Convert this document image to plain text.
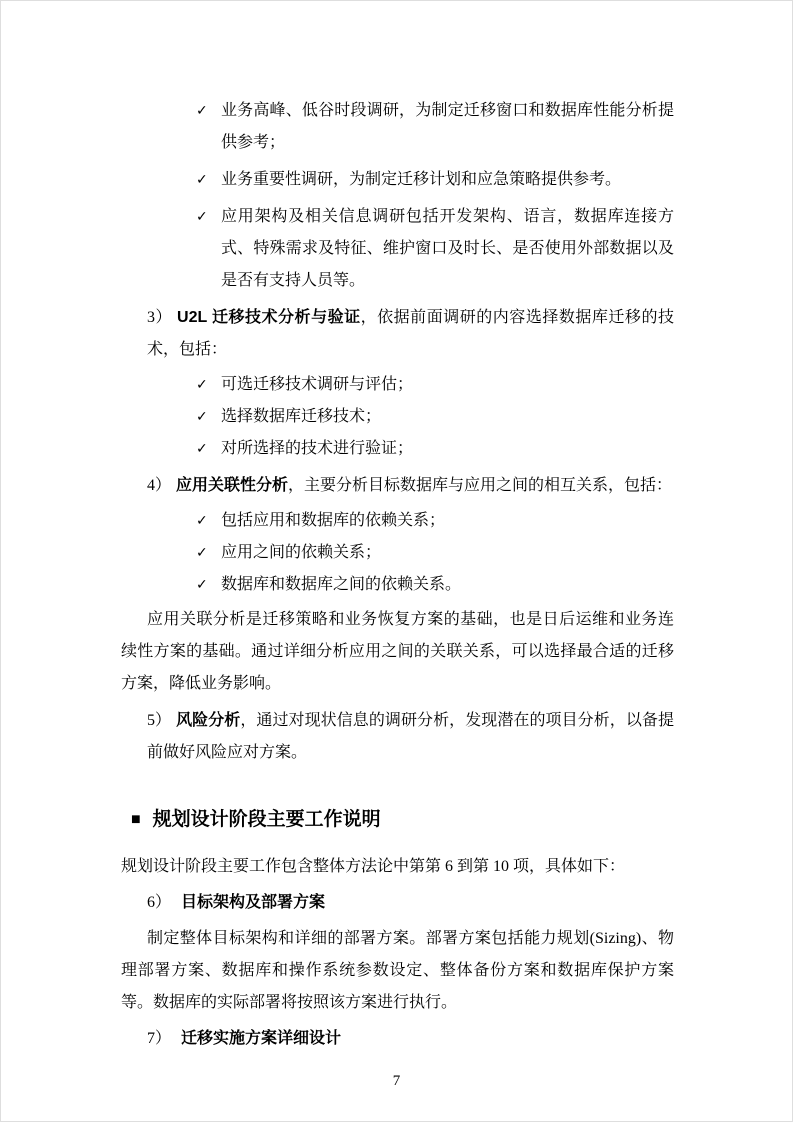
✓ 业务高峰、低谷时段调研，为制定迁移窗口和数据库性能分析提供参考；
✓ 业务重要性调研，为制定迁移计划和应急策略提供参考。
✓ 应用架构及相关信息调研包括开发架构、语言，数据库连接方式、特殊需求及特征、维护窗口及时长、是否使用外部数据以及是否有支持人员等。
3） U2L 迁移技术分析与验证，依据前面调研的内容选择数据库迁移的技术，包括：
✓ 可选迁移技术调研与评估；
✓ 选择数据库迁移技术；
✓ 对所选择的技术进行验证；
4） 应用关联性分析，主要分析目标数据库与应用之间的相互关系，包括：
✓ 包括应用和数据库的依赖关系；
✓ 应用之间的依赖关系；
✓ 数据库和数据库之间的依赖关系。

应用关联分析是迁移策略和业务恢复方案的基础，也是日后运维和业务连续性方案的基础。通过详细分析应用之间的关联关系，可以选择最合适的迁移方案，降低业务影响。

5） 风险分析，通过对现状信息的调研分析，发现潜在的项目分析，以备提前做好风险应对方案。
■ 规划设计阶段主要工作说明

规划设计阶段主要工作包含整体方法论中第第 6 到第 10 项，具体如下：

6） 目标架构及部署方案

制定整体目标架构和详细的部署方案。部署方案包括能力规划(Sizing)、物理部署方案、数据库和操作系统参数设定、整体备份方案和数据库保护方案等。数据库的实际部署将按照该方案进行执行。

7） 迁移实施方案详细设计
7
